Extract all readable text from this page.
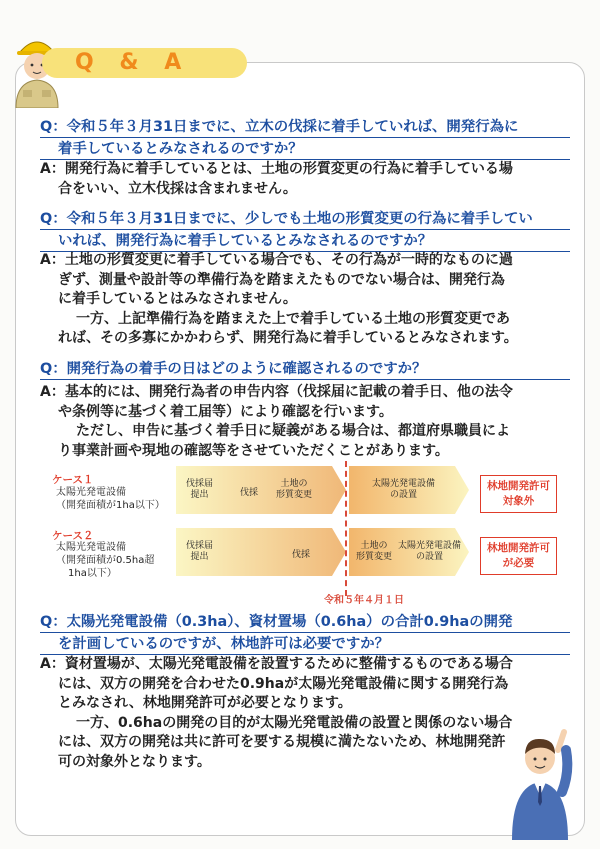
Q & A
Q：令和５年３月31日までに、立木の伐採に着手していれば、開発行為に
着手しているとみなされるのですか？
A：開発行為に着手しているとは、土地の形質変更の行為に着手している場
合をいい、立木伐採は含まれません。
Q：令和５年３月31日までに、少しでも土地の形質変更の行為に着手してい
いれば、開発行為に着手しているとみなされるのですか？
A：土地の形質変更に着手している場合でも、その行為が一時的なものに過
ぎず、測量や設計等の準備行為を踏まえたものでない場合は、開発行為
に着手しているとはみなされません。
一方、上記準備行為を踏まえた上で着手している土地の形質変更であ
れば、その多寡にかかわらず、開発行為に着手しているとみなされます。
Q：開発行為の着手の日はどのように確認されるのですか？
A：基本的には、開発行為者の申告内容（伐採届に記載の着手日、他の法令
や条例等に基づく着工届等）により確認を行います。
ただし、申告に基づく着手日に疑義がある場合は、都道府県職員によ
り事業計画や現地の確認等をさせていただくことがあります。
ケース１
太陽光発電設備
（開発面積が1ha以下）
伐採届
提出	伐採
土地の
形質変更
太陽光発電設備
の設置
林地開発許可
対象外
ケース２
太陽光発電設備
（開発面積が0.5ha超
1ha以下）
伐採届
提出	伐採
土地の
形質変更
太陽光発電設備
の設置
林地開発許可
が必要
令和５年４月１日
Q：太陽光発電設備（0.3ha）、資材置場（0.6ha）の合計0.9haの開発
を計画しているのですが、林地許可は必要ですか？
A：資材置場が、太陽光発電設備を設置するために整備するものである場合
には、双方の開発を合わせた0.9haが太陽光発電設備に関する開発行為
とみなされ、林地開発許可が必要となります。
一方、0.6haの開発の目的が太陽光発電設備の設置と関係のない場合
には、双方の開発は共に許可を要する規模に満たないため、林地開発許
可の対象外となります。
